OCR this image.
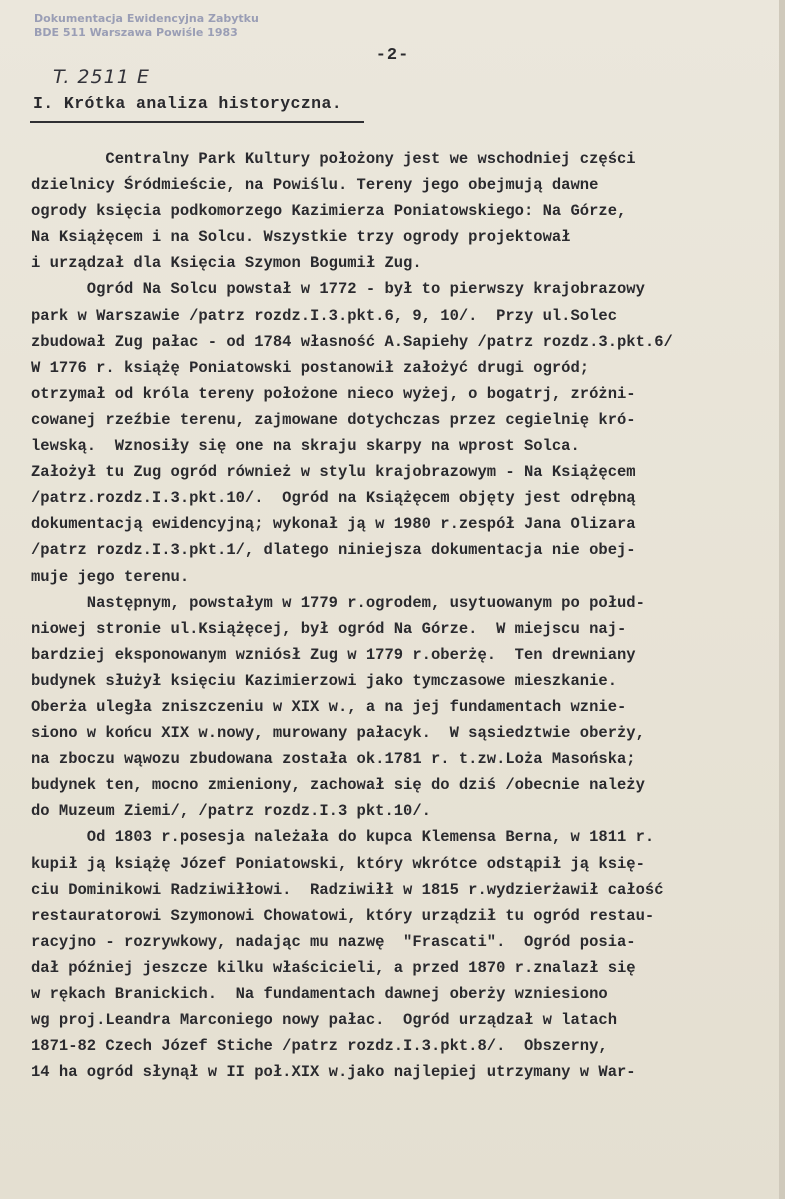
Dokumentacja Ewidencyjna Zabytku
BDE 511 Warszawa Powiśle 1983
-2-
T. 2511 E
I. Krótka analiza historyczna.
Centralny Park Kultury położony jest we wschodniej części
dzielnicy Śródmieście, na Powiślu. Tereny jego obejmują dawne
ogrody księcia podkomorzego Kazimierza Poniatowskiego: Na Górze,
Na Książęcem i na Solcu. Wszystkie trzy ogrody projektował
i urządzał dla Księcia Szymon Bogumił Zug.
Ogród Na Solcu powstał w 1772 - był to pierwszy krajobrazowy
park w Warszawie /patrz rozdz.I.3.pkt.6, 9, 10/.  Przy ul.Solec
zbudował Zug pałac - od 1784 własność A.Sapiehy /patrz rozdz.3.pkt.6/
W 1776 r. książę Poniatowski postanowił założyć drugi ogród;
otrzymał od króla tereny położone nieco wyżej, o bogatrj, zróżni-
cowanej rzeźbie terenu, zajmowane dotychczas przez cegielnię kró-
lewską.  Wznosiły się one na skraju skarpy na wprost Solca.
Założył tu Zug ogród również w stylu krajobrazowym - Na Książęcem
/patrz.rozdz.I.3.pkt.10/.  Ogród na Książęcem objęty jest odrębną
dokumentacją ewidencyjną; wykonał ją w 1980 r.zespół Jana Olizara
/patrz rozdz.I.3.pkt.1/, dlatego niniejsza dokumentacja nie obej-
muje jego terenu.
Następnym, powstałym w 1779 r.ogrodem, usytuowanym po połud-
niowej stronie ul.Książęcej, był ogród Na Górze.  W miejscu naj-
bardziej eksponowanym wzniósł Zug w 1779 r.oberżę.  Ten drewniany
budynek służył księciu Kazimierzowi jako tymczasowe mieszkanie.
Oberża uległa zniszczeniu w XIX w., a na jej fundamentach wznie-
siono w końcu XIX w.nowy, murowany pałacyk.  W sąsiedztwie oberży,
na zboczu wąwozu zbudowana została ok.1781 r. t.zw.Loża Masońska;
budynek ten, mocno zmieniony, zachował się do dziś /obecnie należy
do Muzeum Ziemi/, /patrz rozdz.I.3 pkt.10/.
Od 1803 r.posesja należała do kupca Klemensa Berna, w 1811 r.
kupił ją książę Józef Poniatowski, który wkrótce odstąpił ją księ-
ciu Dominikowi Radziwiłłowi.  Radziwiłł w 1815 r.wydzierżawił całość
restauratorowi Szymonowi Chowatowi, który urządził tu ogród restau-
racyjno - rozrywkowy, nadając mu nazwę  "Frascati".  Ogród posia-
dał później jeszcze kilku właścicieli, a przed 1870 r.znalazł się
w rękach Branickich.  Na fundamentach dawnej oberży wzniesiono
wg proj.Leandra Marconiego nowy pałac.  Ogród urządzał w latach
1871-82 Czech Józef Stiche /patrz rozdz.I.3.pkt.8/.  Obszerny,
14 ha ogród słynął w II poł.XIX w.jako najlepiej utrzymany w War-
